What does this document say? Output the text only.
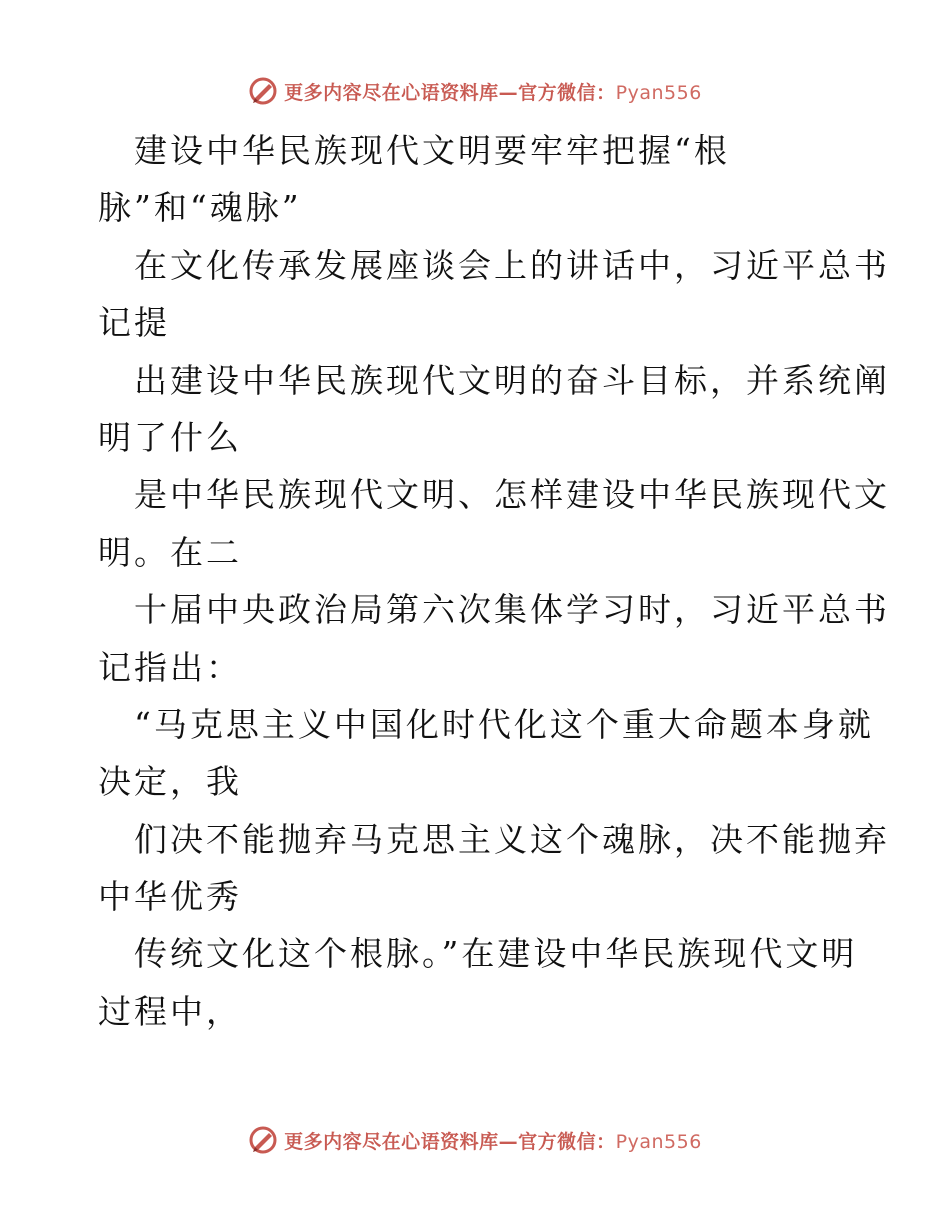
更多内容尽在心语资料库—官方微信：Pyan556
建设中华民族现代文明要牢牢把握“根
脉”和“魂脉”
在文化传承发展座谈会上的讲话中，习近平总书
记提
出建设中华民族现代文明的奋斗目标，并系统阐
明了什么
是中华民族现代文明、怎样建设中华民族现代文
明。在二
十届中央政治局第六次集体学习时，习近平总书
记指出：
“马克思主义中国化时代化这个重大命题本身就
决定，我
们决不能抛弃马克思主义这个魂脉，决不能抛弃
中华优秀
传统文化这个根脉。”在建设中华民族现代文明
过程中，
更多内容尽在心语资料库—官方微信：Pyan556
